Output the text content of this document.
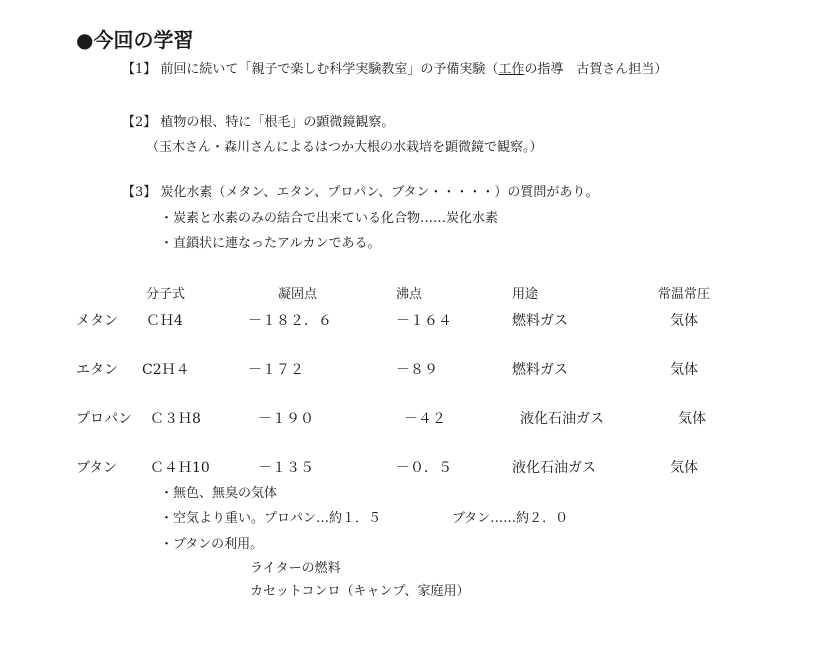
●今回の学習
【1】 前回に続いて「親子で楽しむ科学実験教室」の予備実験（工作の指導　古賀さん担当）
【2】 植物の根、特に「根毛」の顕微鏡観察。
（玉木さん・森川さんによるはつか大根の水栽培を顕微鏡で観察。）
【3】 炭化水素（メタン、エタン、プロパン、ブタン・・・・・）の質問があり。
・炭素と水素のみの結合で出来ている化合物……炭化水素
・直鎖状に連なったアルカンである。
分子式	凝固点	沸点	用途	常温常圧
メタン ＣＨ4	－１８２．６	－１６４	燃料ガス	気体
エタン C2Ｈ４	－１７２	－８９	燃料ガス	気体
プロパン Ｃ３Ｈ8	－１９０	－４２	液化石油ガス	気体
ブタン Ｃ４Ｈ10	－１３５	－０．５	液化石油ガス	気体
・無色、無臭の気体
・空気より重い。プロパン…約１．５	ブタン……約２．０
・ブタンの利用。
ライターの燃料
カセットコンロ（キャンプ、家庭用）
